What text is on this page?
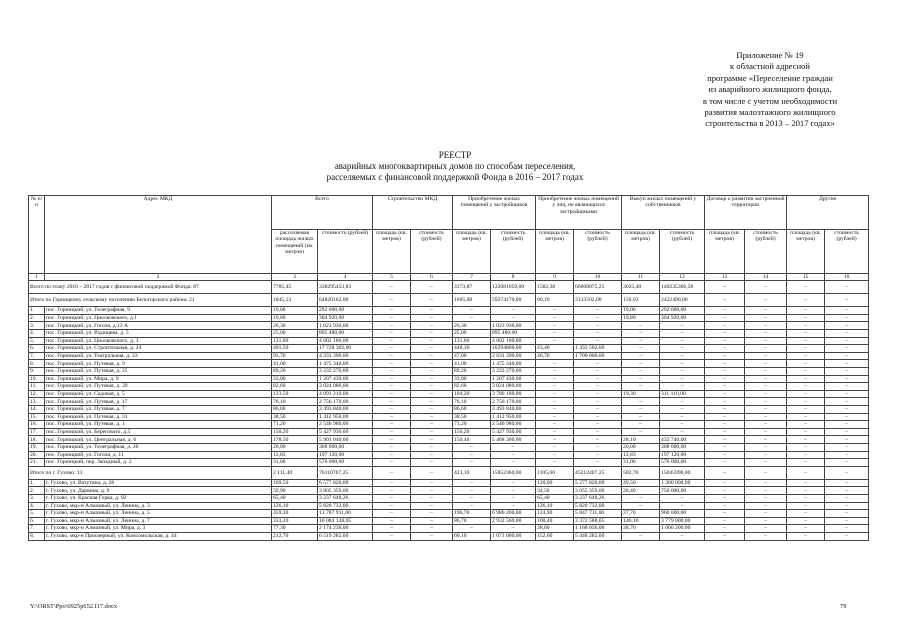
Приложение № 19
к областной адресной
программе «Переселение граждан
из аварийного жилищного фонда,
в том числе с учетом необходимости
развития малоэтажного жилищного
строительства в 2013 – 2017 годах»
РЕЕСТР
аварийных многоквартирных домов по способам переселения,
расселяемых с финансовой поддержкой Фонда в 2016 – 2017 годах
№ п/п	Адрес МКД	Всего		Строительство МКД		Приобретение жилых помещений у застройщиков		Приобретение жилых помещений у лиц, не являющихся застройщиками		Выкуп жилых помещений у собственников		Договор о развитии застроенной территории		Другие	
		расселяемая площадь жилых помещений (кв. метров)	стоимость (рублей)	площадь (кв. метров)	стоимость (рублей)	площадь (кв. метров)	стоимость (рублей)	площадь (кв. метров)	стоимость (рублей)	площадь (кв. метров)	стоимость (рублей)	площадь (кв. метров)	стоимость (рублей)	площадь (кв. метров)	стоимость (рублей)
1	2	3	4	5	6	7	8	9	10	11	12	13	14	15	16
Всего по этапу 2016 – 2017 годов с финансовой поддержкой Фонда: 87		7785,45	338295453,83	–	–	3173,87	132081059,00	1582,38	66008075,25	3025,40	140235366,58	–	–	–	–
Итого по Горницкому сельскому поселению Белогорского района: 21		1845,13	64820162,00	–	–	1605,00	59274170,00	90,10	3133502,00	150,03	2422490,00	–	–	–	–
1.	пос. Горницкий, ул. Телеграфная, 9	19,00	292 600,00	–	–	–	–	–	–	19,00	292 600,00	–	–	–	–
2.	пос. Горницкий, ул. Циолковского, д.1	19,80	304 920,00	–	–	–	–	–	–	19,80	304 920,00	–	–	–	–
3.	пос. Горницкий, ул. Гоголя, д.13 А	26,30	1 023 930,00	–	–	26,30	1 023 930,00	–	–	–	–	–	–	–	–
4.	пос. Горницкий, ул. Радищева, д. 5	25,00	895 480,00	–	–	25,00	895 480,00	–	–	–	–	–	–	–	–
5.	пос. Горницкий, ул. Циолковского, д. 3	131,60	4 602 180,00	–	–	131,60	4 602 180,00	–	–	–	–	–	–	–	–
6.	пос. Горницкий, ул. Строительная, д. 24	491,50	17 728 302,00	–	–	448,10	16294800,00	43,40	1 433 502,00	–	–	–	–	–	–
7.	пос. Горницкий, ул. Театральная, д. 33	93,70	4 331 390,00	–	–	47,00	2 631 390,00	46,70	1 700 000,00	–	–	–	–	–	–
8.	пос. Горницкий, ул. Путевая, д. 9	41,00	1 475 340,00	–	–	41,00	1 475 340,00	–	–	–	–	–	–	–	–
9.	пос. Горницкий, ул. Путевая, д. 25	89,20	3 233 270,00	–	–	89,20	3 233 270,00	–	–	–	–	–	–	–	–
10.	пос. Горницкий, ул. Мира, д. 9	33,00	1 207 430,00	–	–	33,00	1 207 430,00	–	–	–	–	–	–	–	–
11.	пос. Горницкий, ул. Путевая, д. 39	82,60	3 024 080,00	–	–	82,60	3 024 080,00	–	–	–	–	–	–	–	–
12.	пос. Горницкий, ул. Садовая, д. 5	123,50	4 091 210,00	–	–	104,20	3 780 100,00	–	–	19,30	311 110,00	–	–	–	–
13.	пос. Горницкий, ул. Путевая, д. 17	76,10	2 756 170,00	–	–	76,10	2 756 170,00	–	–	–	–	–	–	–	–
14.	пос. Горницкий, ул. Путевая, д. 7	86,60	3 493 840,00	–	–	86,60	3 493 840,00	–	–	–	–	–	–	–	–
15.	пос. Горницкий, ул. Путевая, д. 31	38,50	1 412 950,00	–	–	38,50	1 412 950,00	–	–	–	–	–	–	–	–
16.	пос. Горницкий, ул. Путевая, д. 1	71,20	2 546 980,00	–	–	71,20	2 546 980,00	–	–	–	–	–	–	–	–
17.	пос. Горницкий, ул. Берегового, д.5	150,20	5 427 930,00	–	–	150,20	5 427 930,00	–	–	–	–	–	–	–	–
18.	пос. Горницкий, ул. Центральная, д. 6	178,50	5 901 040,00	–	–	150,40	5 468 300,00	–	–	28,10	432 740,00	–	–	–	–
19.	пос. Горницкий, ул. Телеграфная, д. 26	20,00	308 000,00	–	–	–	–	–	–	20,00	308 000,00	–	–	–	–
20.	пос. Горницкий, ул. Гоголя, д. 11	12,83	197 120,00	–	–	–	–	–	–	12,83	197 120,00	–	–	–	–
21.	пос. Горницкий, пер. Западный, д. 2	31,00	576 000,00	–	–	–	–	–	–	31,00	576 000,00	–	–	–	–
Итого по г. Гухово: 13		2 111,40	76110767,25	–	–	423,10	15852360,00	1105,60	45212407,25	582,70	15045990,00	–	–	–	–
1.	г. Гухово, ул. Ватутина, д. 28	169,50	6 577 820,00	–	–	–	–	120,00	5 277 820,00	49,50	1 300 000,00	–	–	–	–
2.	г. Гухово, ул. Дарвина, д. 9	59,90	3 805 359,00	–	–	–	–	34,50	3 055 359,00	28,40	750 000,00	–	–	–	–
3.	г. Гухово, ул. Красная Горка, д. 92	65,40	3 237 648,26	–	–	–	–	65,40	3 237 648,26	–	–	–	–	–	–
4.	г. Гухово, мкр-н Алмазный, ул. Ленина, д. 3	126,10	5 820 732,00	–	–	–	–	126,10	5 820 732,00	–	–	–	–	–	–
5.	г. Гухово, мкр-н Алмазный, ул. Ленина, д. 5	359,30	13 787 911,00	–	–	196,70	6 980 200,00	124,90	5 847 711,00	37,70	960 000,00	–	–	–	–
6.	г. Гухово, мкр-н Алмазный, ул. Ленина, д. 7	333,20	10 084 148,05	–	–	86,70	2 932 560,00	100,40	3 372 588,05	146,10	3 779 000,00	–	–	–	–
7.	г. Гухово, мкр-н Алмазный, ул. Мира, д. 3	77,30	2 174 236,00	–	–	–	–	38,60	1 168 036,00	38,70	1 006 200,00	–	–	–	–
8.	г. Гухово, мкр-н Приозерный, ул. Комсомольская, д. 44	212,70	6 519 282,00	–	–	60,10	1 071 000,00	152,60	5 448 282,00	–	–	–	–	–	–
Y:\ORST\Ppo\0925p652.f17.docx	79
